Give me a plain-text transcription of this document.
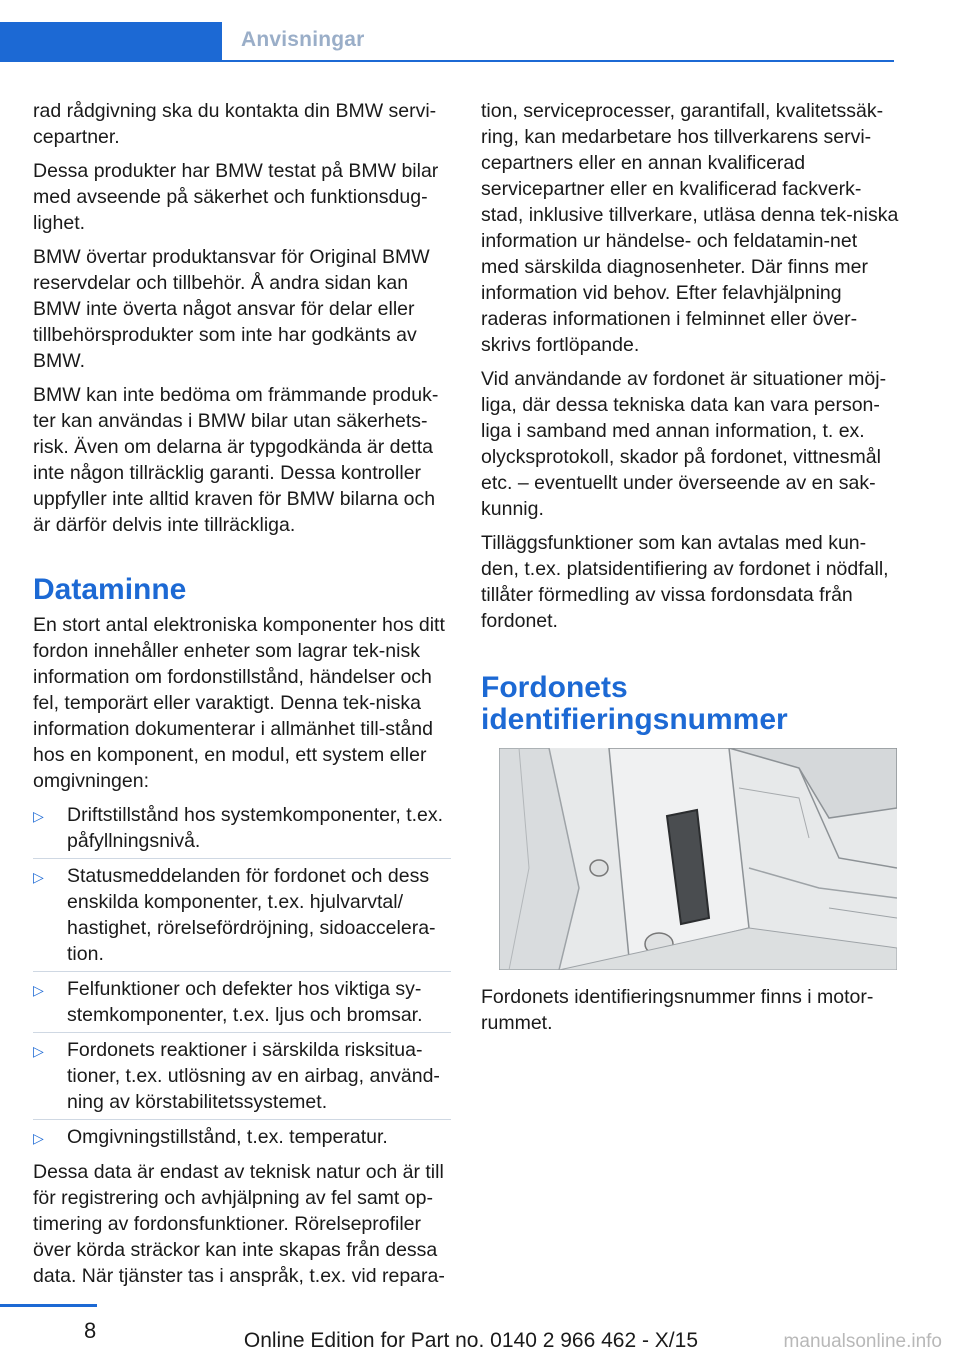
Anvisningar

rad rådgivning ska du kontakta din BMW servi-cepartner.

Dessa produkter har BMW testat på BMW bilar med avseende på säkerhet och funktionsdug-lighet.

BMW övertar produktansvar för Original BMW reservdelar och tillbehör. Å andra sidan kan BMW inte överta något ansvar för delar eller tillbehörsprodukter som inte har godkänts av BMW.

BMW kan inte bedöma om främmande produk-ter kan användas i BMW bilar utan säkerhets-risk. Även om delarna är typgodkända är detta inte någon tillräcklig garanti. Dessa kontroller uppfyller inte alltid kraven för BMW bilarna och är därför delvis inte tillräckliga.

Dataminne

En stort antal elektroniska komponenter hos ditt fordon innehåller enheter som lagrar tek-nisk information om fordonstillstånd, händelser och fel, temporärt eller varaktigt. Denna tek-niska information dokumenterar i allmänhet till-stånd hos en komponent, en modul, ett system eller omgivningen:

▷ Driftstillstånd hos systemkomponenter, t.ex. påfyllningsnivå.
▷ Statusmeddelanden för fordonet och dess enskilda komponenter, t.ex. hjulvarvtal/ hastighet, rörelsefördröjning, sidoaccelera-tion.
▷ Felfunktioner och defekter hos viktiga sy-stemkomponenter, t.ex. ljus och bromsar.
▷ Fordonets reaktioner i särskilda risksitua-tioner, t.ex. utlösning av en airbag, använd-ning av körstabilitetssystemet.
▷ Omgivningstillstånd, t.ex. temperatur.

Dessa data är endast av teknisk natur och är till för registrering och avhjälpning av fel samt op-timering av fordonsfunktioner. Rörelseprofiler över körda sträckor kan inte skapas från dessa data. När tjänster tas i anspråk, t.ex. vid repara-

tion, serviceprocesser, garantifall, kvalitetssäk-ring, kan medarbetare hos tillverkarens servi-cepartners eller en annan kvalificerad servicepartner eller en kvalificerad fackverk-stad, inklusive tillverkare, utläsa denna tek-niska information ur händelse- och feldatamin-net med särskilda diagnosenheter. Där finns mer information vid behov. Efter felavhjälpning raderas informationen i felminnet eller över-skrivs fortlöpande.

Vid användande av fordonet är situationer möj-liga, där dessa tekniska data kan vara person-liga i samband med annan information, t. ex. olycksprotokoll, skador på fordonet, vittnesmål etc. – eventuellt under överseende av en sak-kunnig.

Tilläggsfunktioner som kan avtalas med kun-den, t.ex. platsidentifiering av fordonet i nödfall, tillåter förmedling av vissa fordonsdata från fordonet.

Fordonets identifieringsnummer

Fordonets identifieringsnummer finns i motor-rummet.

8	Online Edition for Part no. 0140 2 966 462 - X/15	manualsonline.info
